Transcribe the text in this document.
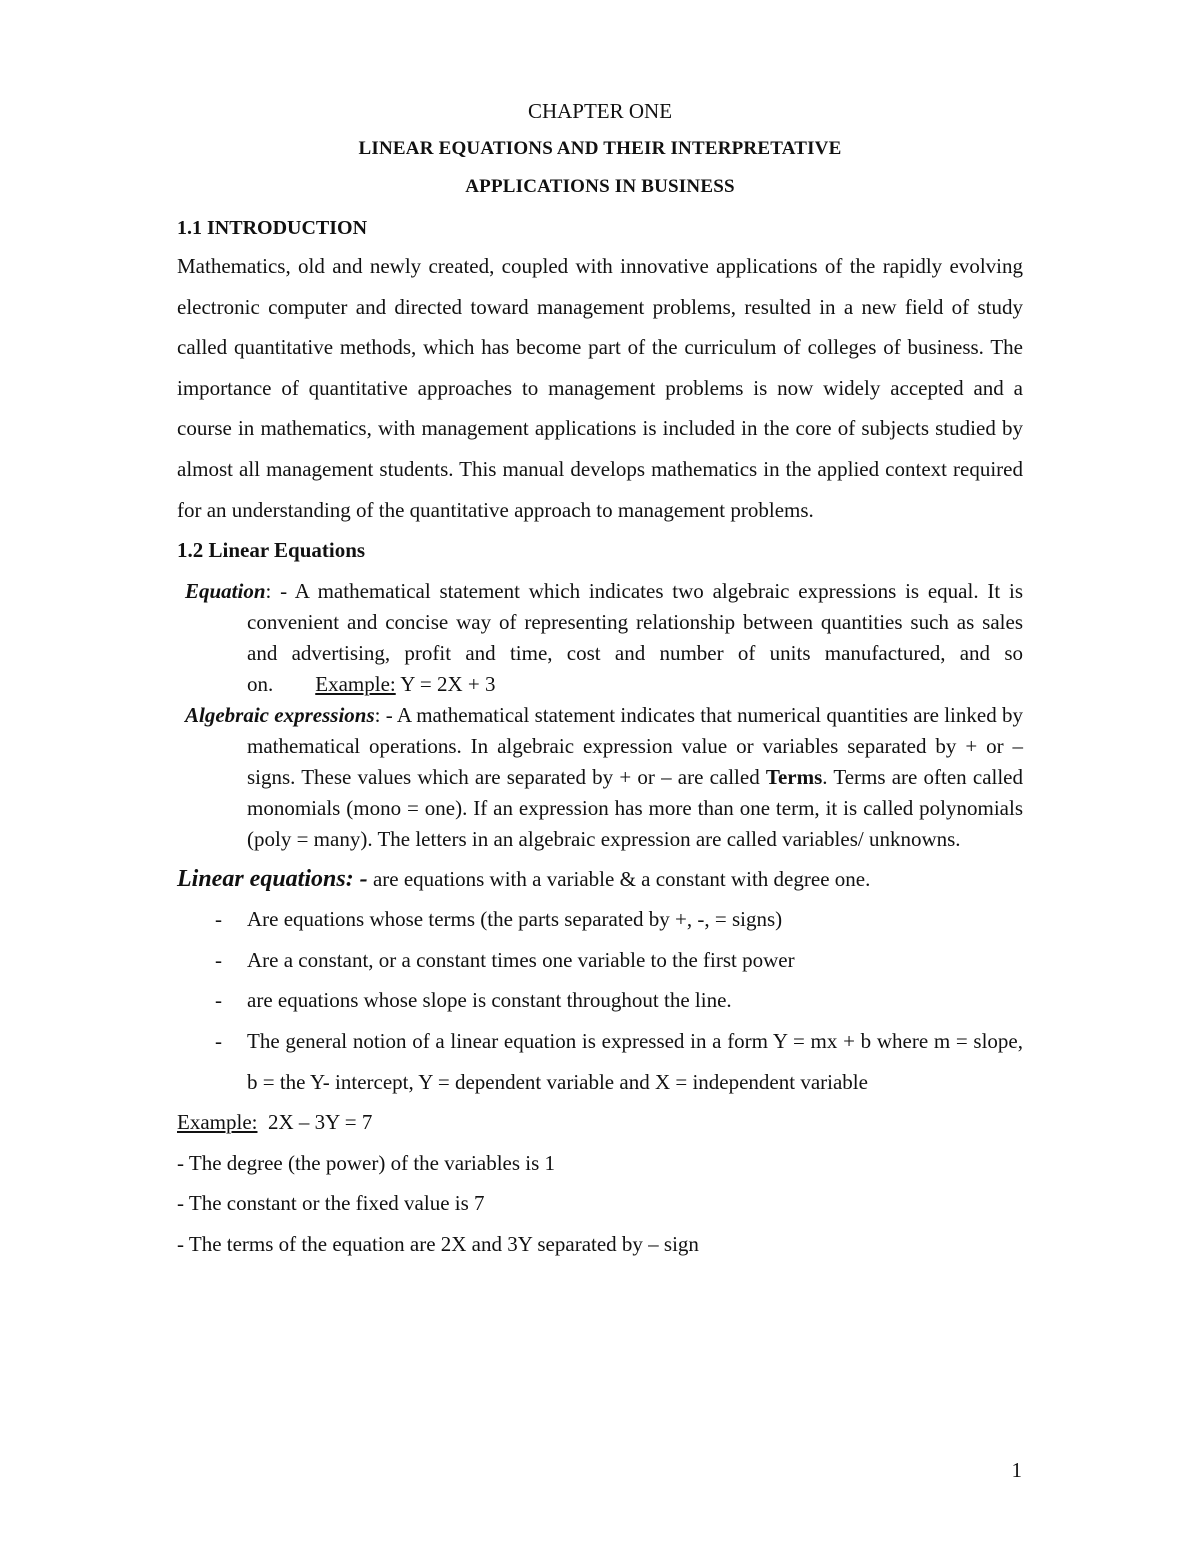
CHAPTER ONE

LINEAR EQUATIONS AND THEIR INTERPRETATIVE

APPLICATIONS IN BUSINESS

1.1 INTRODUCTION

Mathematics, old and newly created, coupled with innovative applications of the rapidly evolving electronic computer and directed toward management problems, resulted in a new field of study called quantitative methods, which has become part of the curriculum of colleges of business. The importance of quantitative approaches to management problems is now widely accepted and a course in mathematics, with management applications is included in the core of subjects studied by almost all management students. This manual develops mathematics in the applied context required for an understanding of the quantitative approach to management problems.

1.2 Linear Equations

Equation: - A mathematical statement which indicates two algebraic expressions is equal. It is convenient and concise way of representing relationship between quantities such as sales and advertising, profit and time, cost and number of units manufactured, and so on. Example: Y = 2X + 3

Algebraic expressions: - A mathematical statement indicates that numerical quantities are linked by mathematical operations. In algebraic expression value or variables separated by + or – signs. These values which are separated by + or – are called Terms. Terms are often called monomials (mono = one). If an expression has more than one term, it is called polynomials (poly = many). The letters in an algebraic expression are called variables/ unknowns.

Linear equations: - are equations with a variable & a constant with degree one.

- Are equations whose terms (the parts separated by +, -, = signs)
- Are a constant, or a constant times one variable to the first power
- are equations whose slope is constant throughout the line.
- The general notion of a linear equation is expressed in a form Y = mx + b where m = slope, b = the Y- intercept, Y = dependent variable and X = independent variable

Example: 2X – 3Y = 7

- The degree (the power) of the variables is 1

- The constant or the fixed value is 7

- The terms of the equation are 2X and 3Y separated by – sign

1
